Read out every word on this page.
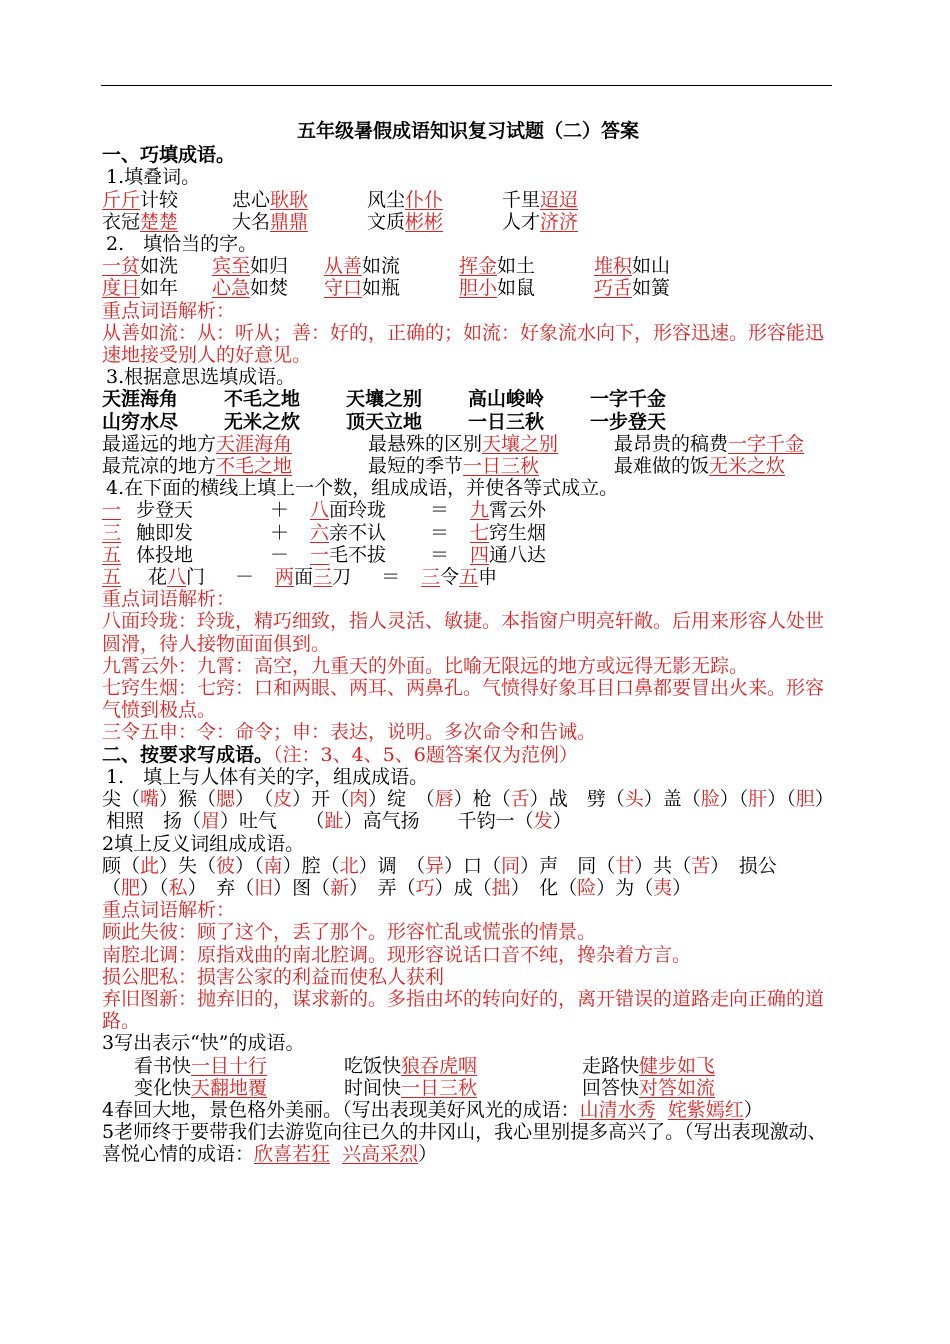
五年级暑假成语知识复习试题（二）答案
一、巧填成语。
1.填叠词。
斤斤计较	忠心耿耿	风尘仆仆	千里迢迢
衣冠楚楚	大名鼎鼎	文质彬彬	人才济济
2.　填恰当的字。
一贫如洗 宾至如归 从善如流	挥金如土	堆积如山
度日如年 心急如焚 守口如瓶	胆小如鼠	巧舌如簧
重点词语解析：
从善如流：从：听从；善：好的，正确的；如流：好象流水向下，形容迅速。形容能迅速地接受别人的好意见。
3.根据意思选填成语。
天涯海角 不毛之地 天壤之别 高山峻岭 一字千金
山穷水尽 无米之炊 顶天立地 一日三秋 一步登天
最遥远的地方天涯海角	最悬殊的区别天壤之别	最昂贵的稿费一字千金
最荒凉的地方不毛之地	最短的季节一日三秋	最难做的饭无米之炊
4.在下面的横线上填上一个数，组成成语，并使各等式成立。
一 步登天	＋ 八面玲珑 ＝ 九霄云外
三 触即发	＋ 六亲不认 ＝ 七窍生烟
五 体投地	－ 一毛不拔 ＝ 四通八达
五 花八门 － 两面三刀 ＝ 三令五申
重点词语解析：
八面玲珑：玲珑，精巧细致，指人灵活、敏捷。本指窗户明亮轩敞。后用来形容人处世圆滑，待人接物面面俱到。
九霄云外：九霄：高空，九重天的外面。比喻无限远的地方或远得无影无踪。
七窍生烟：七窍：口和两眼、两耳、两鼻孔。气愤得好象耳目口鼻都要冒出火来。形容气愤到极点。
三令五申：令：命令；申：表达，说明。多次命令和告诫。
二、按要求写成语。（注：3、4、5、6题答案仅为范例）
1.　填上与人体有关的字，组成成语。
尖（嘴）猴（腮）　（皮）开（肉）绽　（唇）枪（舌）战　劈（头）盖（脸）（肝）（胆）
相照　扬（眉）吐气　　（趾）高气扬　　千钧一（发）
2填上反义词组成成语。
顾（此）失（彼）（南）腔（北）调　（异）口（同）声　同（甘）共（苦）　损公
（肥）（私）　弃（旧）图（新）　弄（巧）成（拙）　化（险）为（夷）
重点词语解析：
顾此失彼：顾了这个，丢了那个。形容忙乱或慌张的情景。
南腔北调：原指戏曲的南北腔调。现形容说话口音不纯，搀杂着方言。
损公肥私：损害公家的利益而使私人获利
弃旧图新：抛弃旧的，谋求新的。多指由坏的转向好的，离开错误的道路走向正确的道路。
3写出表示“快”的成语。
看书快一目十行	吃饭快狼吞虎咽	走路快健步如飞
变化快天翻地覆	时间快一日三秋	回答快对答如流
4春回大地，景色格外美丽。（写出表现美好风光的成语：山清水秀 姹紫嫣红）
5老师终于要带我们去游览向往已久的井冈山，我心里别提多高兴了。（写出表现激动、喜悦心情的成语：欣喜若狂 兴高采烈）
